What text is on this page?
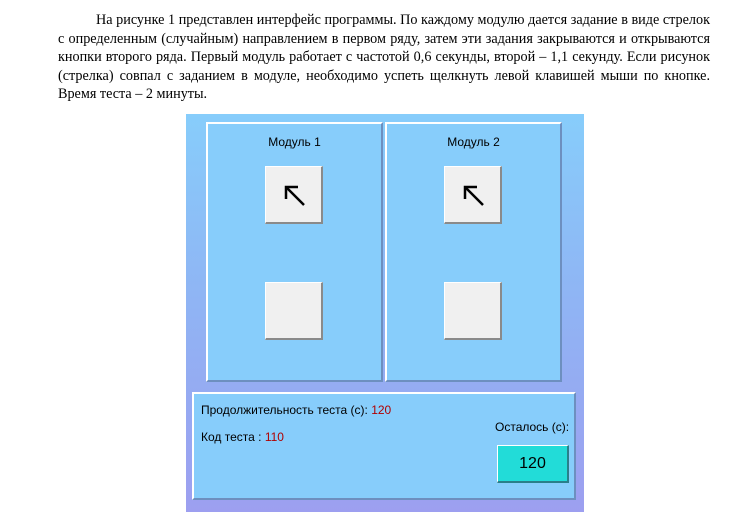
На рисунке 1 представлен интерфейс программы. По каждому модулю дается задание в виде стрелок с определенным (случайным) направлением в первом ряду, затем эти задания закрываются и открываются кнопки второго ряда. Первый модуль работает с частотой 0,6 секунды, второй – 1,1 секунду. Если рисунок (стрелка) совпал с заданием в модуле, необходимо успеть щелкнуть левой клавишей мыши по кнопке. Время теста – 2 минуты.

Модуль 1	Модуль 2
Продолжительность теста (с): 120
Код теста : 110
Осталось (с):
120
